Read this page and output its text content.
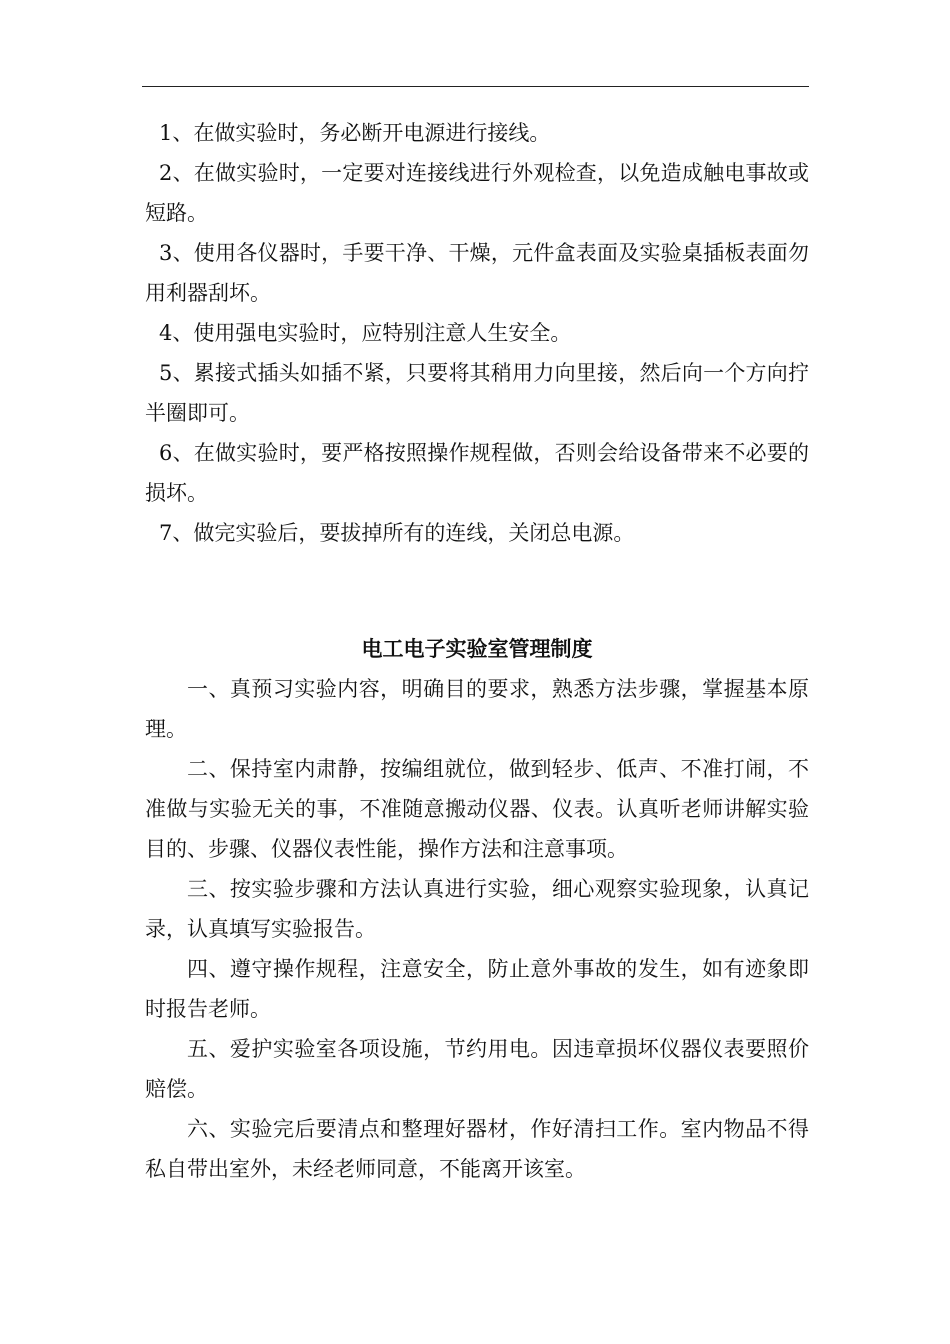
1、在做实验时，务必断开电源进行接线。

2、在做实验时，一定要对连接线进行外观检查，以免造成触电事故或短路。

3、使用各仪器时，手要干净、干燥，元件盒表面及实验桌插板表面勿用利器刮坏。

4、使用强电实验时，应特别注意人生安全。

5、累接式插头如插不紧，只要将其稍用力向里接，然后向一个方向拧半圈即可。

6、在做实验时，要严格按照操作规程做，否则会给设备带来不必要的损坏。

7、做完实验后，要拔掉所有的连线，关闭总电源。

电工电子实验室管理制度

一、真预习实验内容，明确目的要求，熟悉方法步骤，掌握基本原理。

二、保持室内肃静，按编组就位，做到轻步、低声、不准打闹，不准做与实验无关的事，不准随意搬动仪器、仪表。认真听老师讲解实验目的、步骤、仪器仪表性能，操作方法和注意事项。

三、按实验步骤和方法认真进行实验，细心观察实验现象，认真记录，认真填写实验报告。

四、遵守操作规程，注意安全，防止意外事故的发生，如有迹象即时报告老师。

五、爱护实验室各项设施，节约用电。因违章损坏仪器仪表要照价赔偿。

六、实验完后要清点和整理好器材，作好清扫工作。室内物品不得私自带出室外，未经老师同意，不能离开该室。
